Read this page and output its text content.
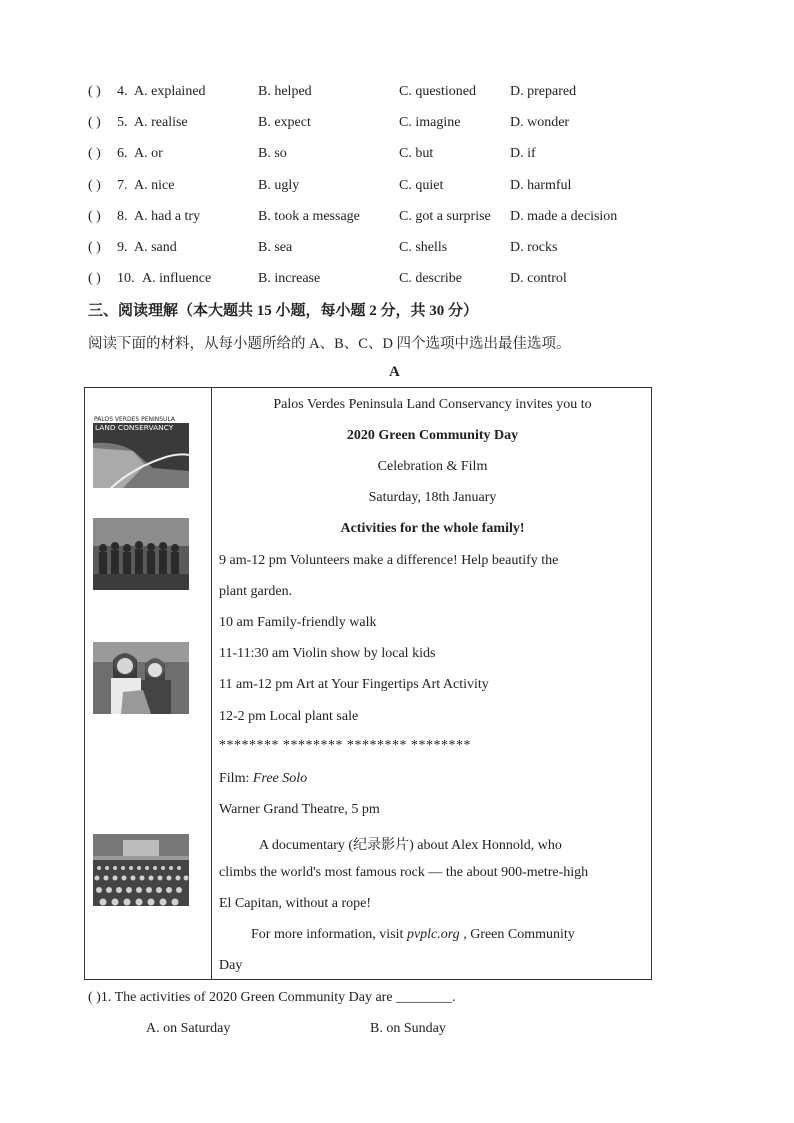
( ) 4. A. explained	B. helped	C. questioned D. prepared
( ) 5. A. realise	B. expect	C. imagine	D. wonder
( ) 6. A. or	B. so	C. but	D. if
( ) 7. A. nice	B. ugly	C. quiet	D. harmful
( ) 8. A. had a try	B. took a message	C. got a surprise D. made a decision
( ) 9. A. sand	B. sea	C. shells	D. rocks
( ) 10. A. influence	B. increase	C. describe	D. control
三、阅读理解（本大题共 15 小题，每小题 2 分，共 30 分）
阅读下面的材料，从每小题所给的 A、B、C、D 四个选项中选出最佳选项。
A
PALOS VERDES PENINSULA
LAND CONSERVANCY
Palos Verdes Peninsula Land Conservancy invites you to
2020 Green Community Day
Celebration & Film
Saturday, 18th January
Activities for the whole family!
9 am-12 pm Volunteers make a difference! Help beautify the
plant garden.
10 am Family-friendly walk
11-11:30 am Violin show by local kids
11 am-12 pm Art at Your Fingertips Art Activity
12-2 pm Local plant sale
******** ******** ******** ********
Film: Free Solo
Warner Grand Theatre, 5 pm
A documentary (纪录影片) about Alex Honnold, who
climbs the world's most famous rock — the about 900-metre-high
El Capitan, without a rope!
For more information, visit pvplc.org , Green Community
Day
( )1. The activities of 2020 Green Community Day are ________.
A. on Saturday	B. on Sunday
